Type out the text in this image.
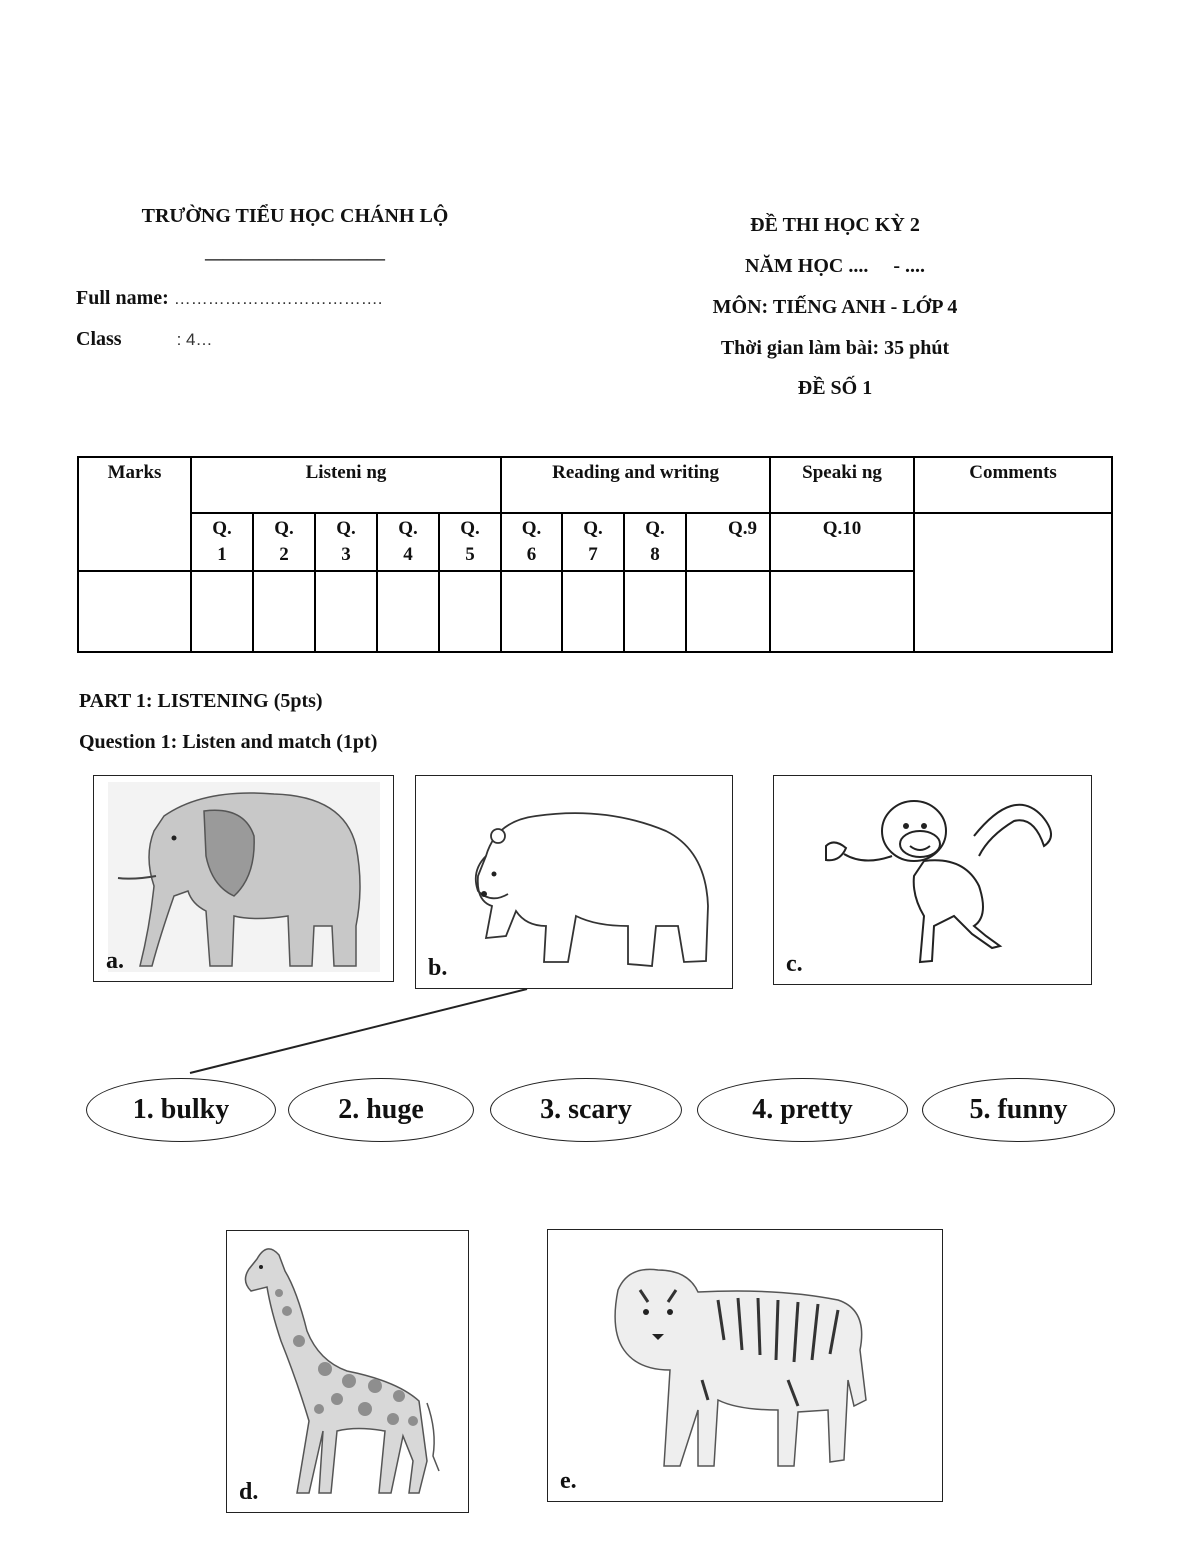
TRƯỜNG TIỂU HỌC CHÁNH LỘ
——————————
Full name: ……………………………….
Class	: 4…
ĐỀ THI HỌC KỲ 2
NĂM HỌC ....     - ....
MÔN: TIẾNG ANH - LỚP 4
Thời gian làm bài: 35 phút
ĐỀ SỐ 1
Marks	Listeni ng					Reading and writing				Speaki ng	Comments
	Q. 1	Q. 2	Q. 3	Q. 4	Q. 5	Q. 6	Q. 7	Q. 8	Q.9	Q.10	

PART 1: LISTENING (5pts)
Question 1: Listen and match (1pt)
a.	b.	c.
1. bulky	2. huge	3. scary	4. pretty	5. funny
d.	e.
